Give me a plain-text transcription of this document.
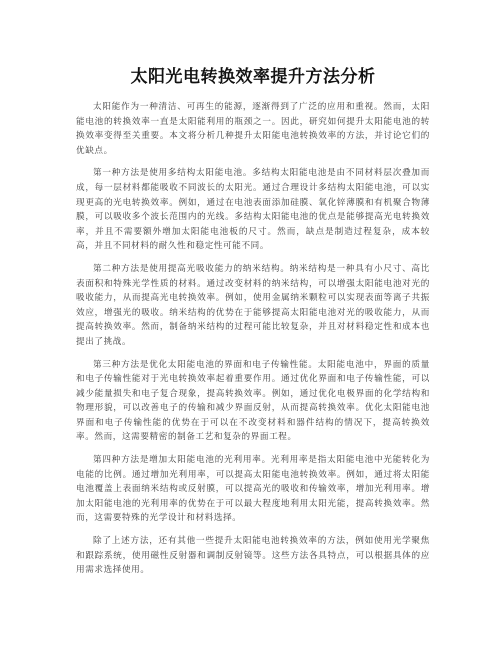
太阳光电转换效率提升方法分析

太阳能作为一种清洁、可再生的能源，逐渐得到了广泛的应用和重视。然而，太阳能电池的转换效率一直是太阳能利用的瓶颈之一。因此，研究如何提升太阳能电池的转换效率变得至关重要。本文将分析几种提升太阳能电池转换效率的方法，并讨论它们的优缺点。

第一种方法是使用多结构太阳能电池。多结构太阳能电池是由不同材料层次叠加而成，每一层材料都能吸收不同波长的太阳光。通过合理设计多结构太阳能电池，可以实现更高的光电转换效率。例如，通过在电池表面添加硅膜、氧化锌薄膜和有机聚合物薄膜，可以吸收多个波长范围内的光线。多结构太阳能电池的优点是能够提高光电转换效率，并且不需要额外增加太阳能电池板的尺寸。然而，缺点是制造过程复杂，成本较高，并且不同材料的耐久性和稳定性可能不同。

第二种方法是使用提高光吸收能力的纳米结构。纳米结构是一种具有小尺寸、高比表面积和特殊光学性质的材料。通过改变材料的纳米结构，可以增强太阳能电池对光的吸收能力，从而提高光电转换效率。例如，使用金属纳米颗粒可以实现表面等离子共振效应，增强光的吸收。纳米结构的优势在于能够提高太阳能电池对光的吸收能力，从而提高转换效率。然而，制备纳米结构的过程可能比较复杂，并且对材料稳定性和成本也提出了挑战。

第三种方法是优化太阳能电池的界面和电子传输性能。太阳能电池中，界面的质量和电子传输性能对于光电转换效率起着重要作用。通过优化界面和电子传输性能，可以减少能量损失和电子复合现象，提高转换效率。例如，通过优化电极界面的化学结构和物理形貌，可以改善电子的传输和减少界面反射，从而提高转换效率。优化太阳能电池界面和电子传输性能的优势在于可以在不改变材料和器件结构的情况下，提高转换效率。然而，这需要精密的制备工艺和复杂的界面工程。

第四种方法是增加太阳能电池的光利用率。光利用率是指太阳能电池中光能转化为电能的比例。通过增加光利用率，可以提高太阳能电池转换效率。例如，通过将太阳能电池覆盖上表面纳米结构或反射膜，可以提高光的吸收和传输效率，增加光利用率。增加太阳能电池的光利用率的优势在于可以最大程度地利用太阳光能，提高转换效率。然而，这需要特殊的光学设计和材料选择。

除了上述方法，还有其他一些提升太阳能电池转换效率的方法，例如使用光学聚焦和跟踪系统，使用磁性反射器和调制反射镜等。这些方法各具特点，可以根据具体的应用需求选择使用。
